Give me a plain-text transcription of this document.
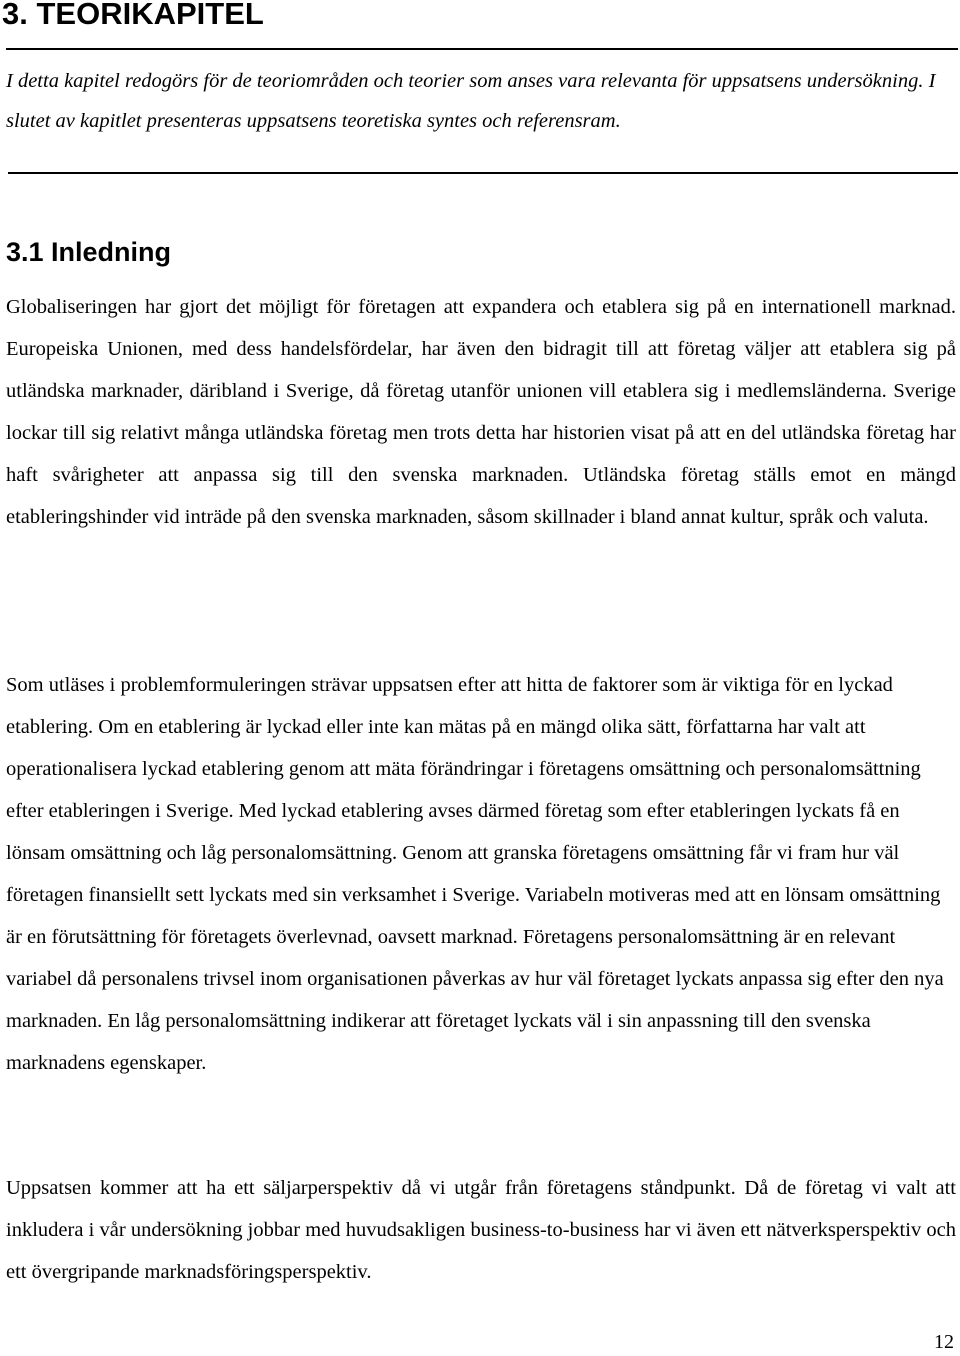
3. TEORIKAPITEL

I detta kapitel redogörs för de teoriområden och teorier som anses vara relevanta för uppsatsens undersökning. I slutet av kapitlet presenteras uppsatsens teoretiska syntes och referensram.

3.1 Inledning

Globaliseringen har gjort det möjligt för företagen att expandera och etablera sig på en internationell marknad. Europeiska Unionen, med dess handelsfördelar, har även den bidragit till att företag väljer att etablera sig på utländska marknader, däribland i Sverige, då företag utanför unionen vill etablera sig i medlemsländerna. Sverige lockar till sig relativt många utländska företag men trots detta har historien visat på att en del utländska företag har haft svårigheter att anpassa sig till den svenska marknaden. Utländska företag ställs emot en mängd etableringshinder vid inträde på den svenska marknaden, såsom skillnader i bland annat kultur, språk och valuta.

Som utläses i problemformuleringen strävar uppsatsen efter att hitta de faktorer som är viktiga för en lyckad etablering. Om en etablering är lyckad eller inte kan mätas på en mängd olika sätt, författarna har valt att operationalisera lyckad etablering genom att mäta förändringar i företagens omsättning och personalomsättning efter etableringen i Sverige. Med lyckad etablering avses därmed företag som efter etableringen lyckats få en lönsam omsättning och låg personalomsättning. Genom att granska företagens omsättning får vi fram hur väl företagen finansiellt sett lyckats med sin verksamhet i Sverige. Variabeln motiveras med att en lönsam omsättning är en förutsättning för företagets överlevnad, oavsett marknad. Företagens personalomsättning är en relevant variabel då personalens trivsel inom organisationen påverkas av hur väl företaget lyckats anpassa sig efter den nya marknaden. En låg personalomsättning indikerar att företaget lyckats väl i sin anpassning till den svenska marknadens egenskaper.

Uppsatsen kommer att ha ett säljarperspektiv då vi utgår från företagens ståndpunkt. Då de företag vi valt att inkludera i vår undersökning jobbar med huvudsakligen business-to-business har vi även ett nätverksperspektiv och ett övergripande marknadsföringsperspektiv.

12
